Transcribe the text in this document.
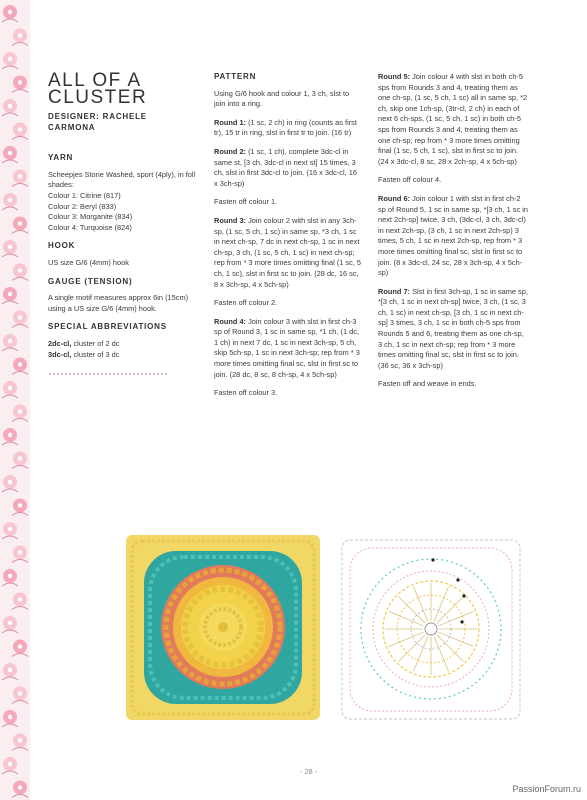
ALL OF A CLUSTER
DESIGNER: RACHELE CARMONA
YARN

Scheepjes Stone Washed, sport (4ply), in foll shades:
Colour 1: Citrine (817)
Colour 2: Beryl (833)
Colour 3: Morganite (834)
Colour 4: Turquoise (824)

HOOK

US size G/6 (4mm) hook

GAUGE (TENSION)

A single motif measures approx 6in (15cm) using a US size G/6 (4mm) hook.

SPECIAL ABBREVIATIONS

2dc-cl, cluster of 2 dc
3dc-cl, cluster of 3 dc

PATTERN

Using G/6 hook and colour 1, 3 ch, slst to join into a ring.

Round 1: (1 sc, 2 ch) in ring (counts as first tr), 15 tr in ring, slst in first tr to join. (16 tr)

Round 2: (1 sc, 1 ch), complete 3dc-cl in same st, [3 ch, 3dc-cl in next st] 15 times, 3 ch, slst in first 3dc-cl to join. (16 x 3dc-cl, 16 x 3ch-sp)

Fasten off colour 1.

Round 3: Join colour 2 with slst in any 3ch-sp, (1 sc, 5 ch, 1 sc) in same sp, *3 ch, 1 sc in next ch-sp, 7 dc in next ch-sp, 1 sc in next ch-sp, 3 ch, (1 sc, 5 ch, 1 sc) in next ch-sp; rep from * 3 more times omitting final (1 sc, 5 ch, 1 sc), slst in first sc to join. (28 dc, 16 sc, 8 x 3ch-sp, 4 x 5ch-sp)

Fasten off colour 2.

Round 4: Join colour 3 with slst in first ch-3 sp of Round 3, 1 sc in same sp, *1 ch, (1 dc, 1 ch) in next 7 dc, 1 sc in next 3ch-sp, 5 ch, skip 5ch-sp, 1 sc in next 3ch-sp; rep from * 3 more times omitting final sc, slst in first sc to join. (28 dc, 8 sc, 8 ch-sp, 4 x 5ch-sp)

Fasten off colour 3.

Round 5: Join colour 4 with slst in both ch-5 sps from Rounds 3 and 4, treating them as one ch-sp, (1 sc, 5 ch, 1 sc) all in same sp, *2 ch, skip one 1ch-sp, (3tr-cl, 2 ch) in each of next 6 ch-sps, (1 sc, 5 ch, 1 sc) in both ch-5 sps from Rounds 3 and 4, treating them as one ch-sp; rep from * 3 more times omitting final (1 sc, 5 ch, 1 sc), slst in first sc to join. (24 x 3dc-cl, 8 sc, 28 x 2ch-sp, 4 x 5ch-sp)

Fasten off colour 4.

Round 6: Join colour 1 with slst in first ch-2 sp of Round 5, 1 sc in same sp, *[3 ch, 1 sc in next 2ch-sp] twice, 3 ch, (3dc-cl, 3 ch, 3dc-cl) in next 2ch-sp, (3 ch, 1 sc in next 2ch-sp) 3 times, 5 ch, 1 sc in next 2ch-sp, rep from * 3 more times omitting final sc, slst in first sc to join. (8 x 3dc-cl, 24 sc, 28 x 3ch-sp, 4 x 5ch-sp)

Round 7: Slst in first 3ch-sp, 1 sc in same sp, *[3 ch, 1 sc in next ch-sp] twice, 3 ch, (1 sc, 3 ch, 1 sc) in next ch-sp, [3 ch, 1 sc in next ch-sp] 3 times, 3 ch, 1 sc in both ch-5 sps from Rounds 5 and 6, treating them as one ch-sp, 3 ch, 1 sc in next ch-sp; rep from * 3 more times omitting final sc, slst in first sc to join. (36 sc, 36 x 3ch-sp)

Fasten off and weave in ends.

- 28 -
PassionForum.ru
